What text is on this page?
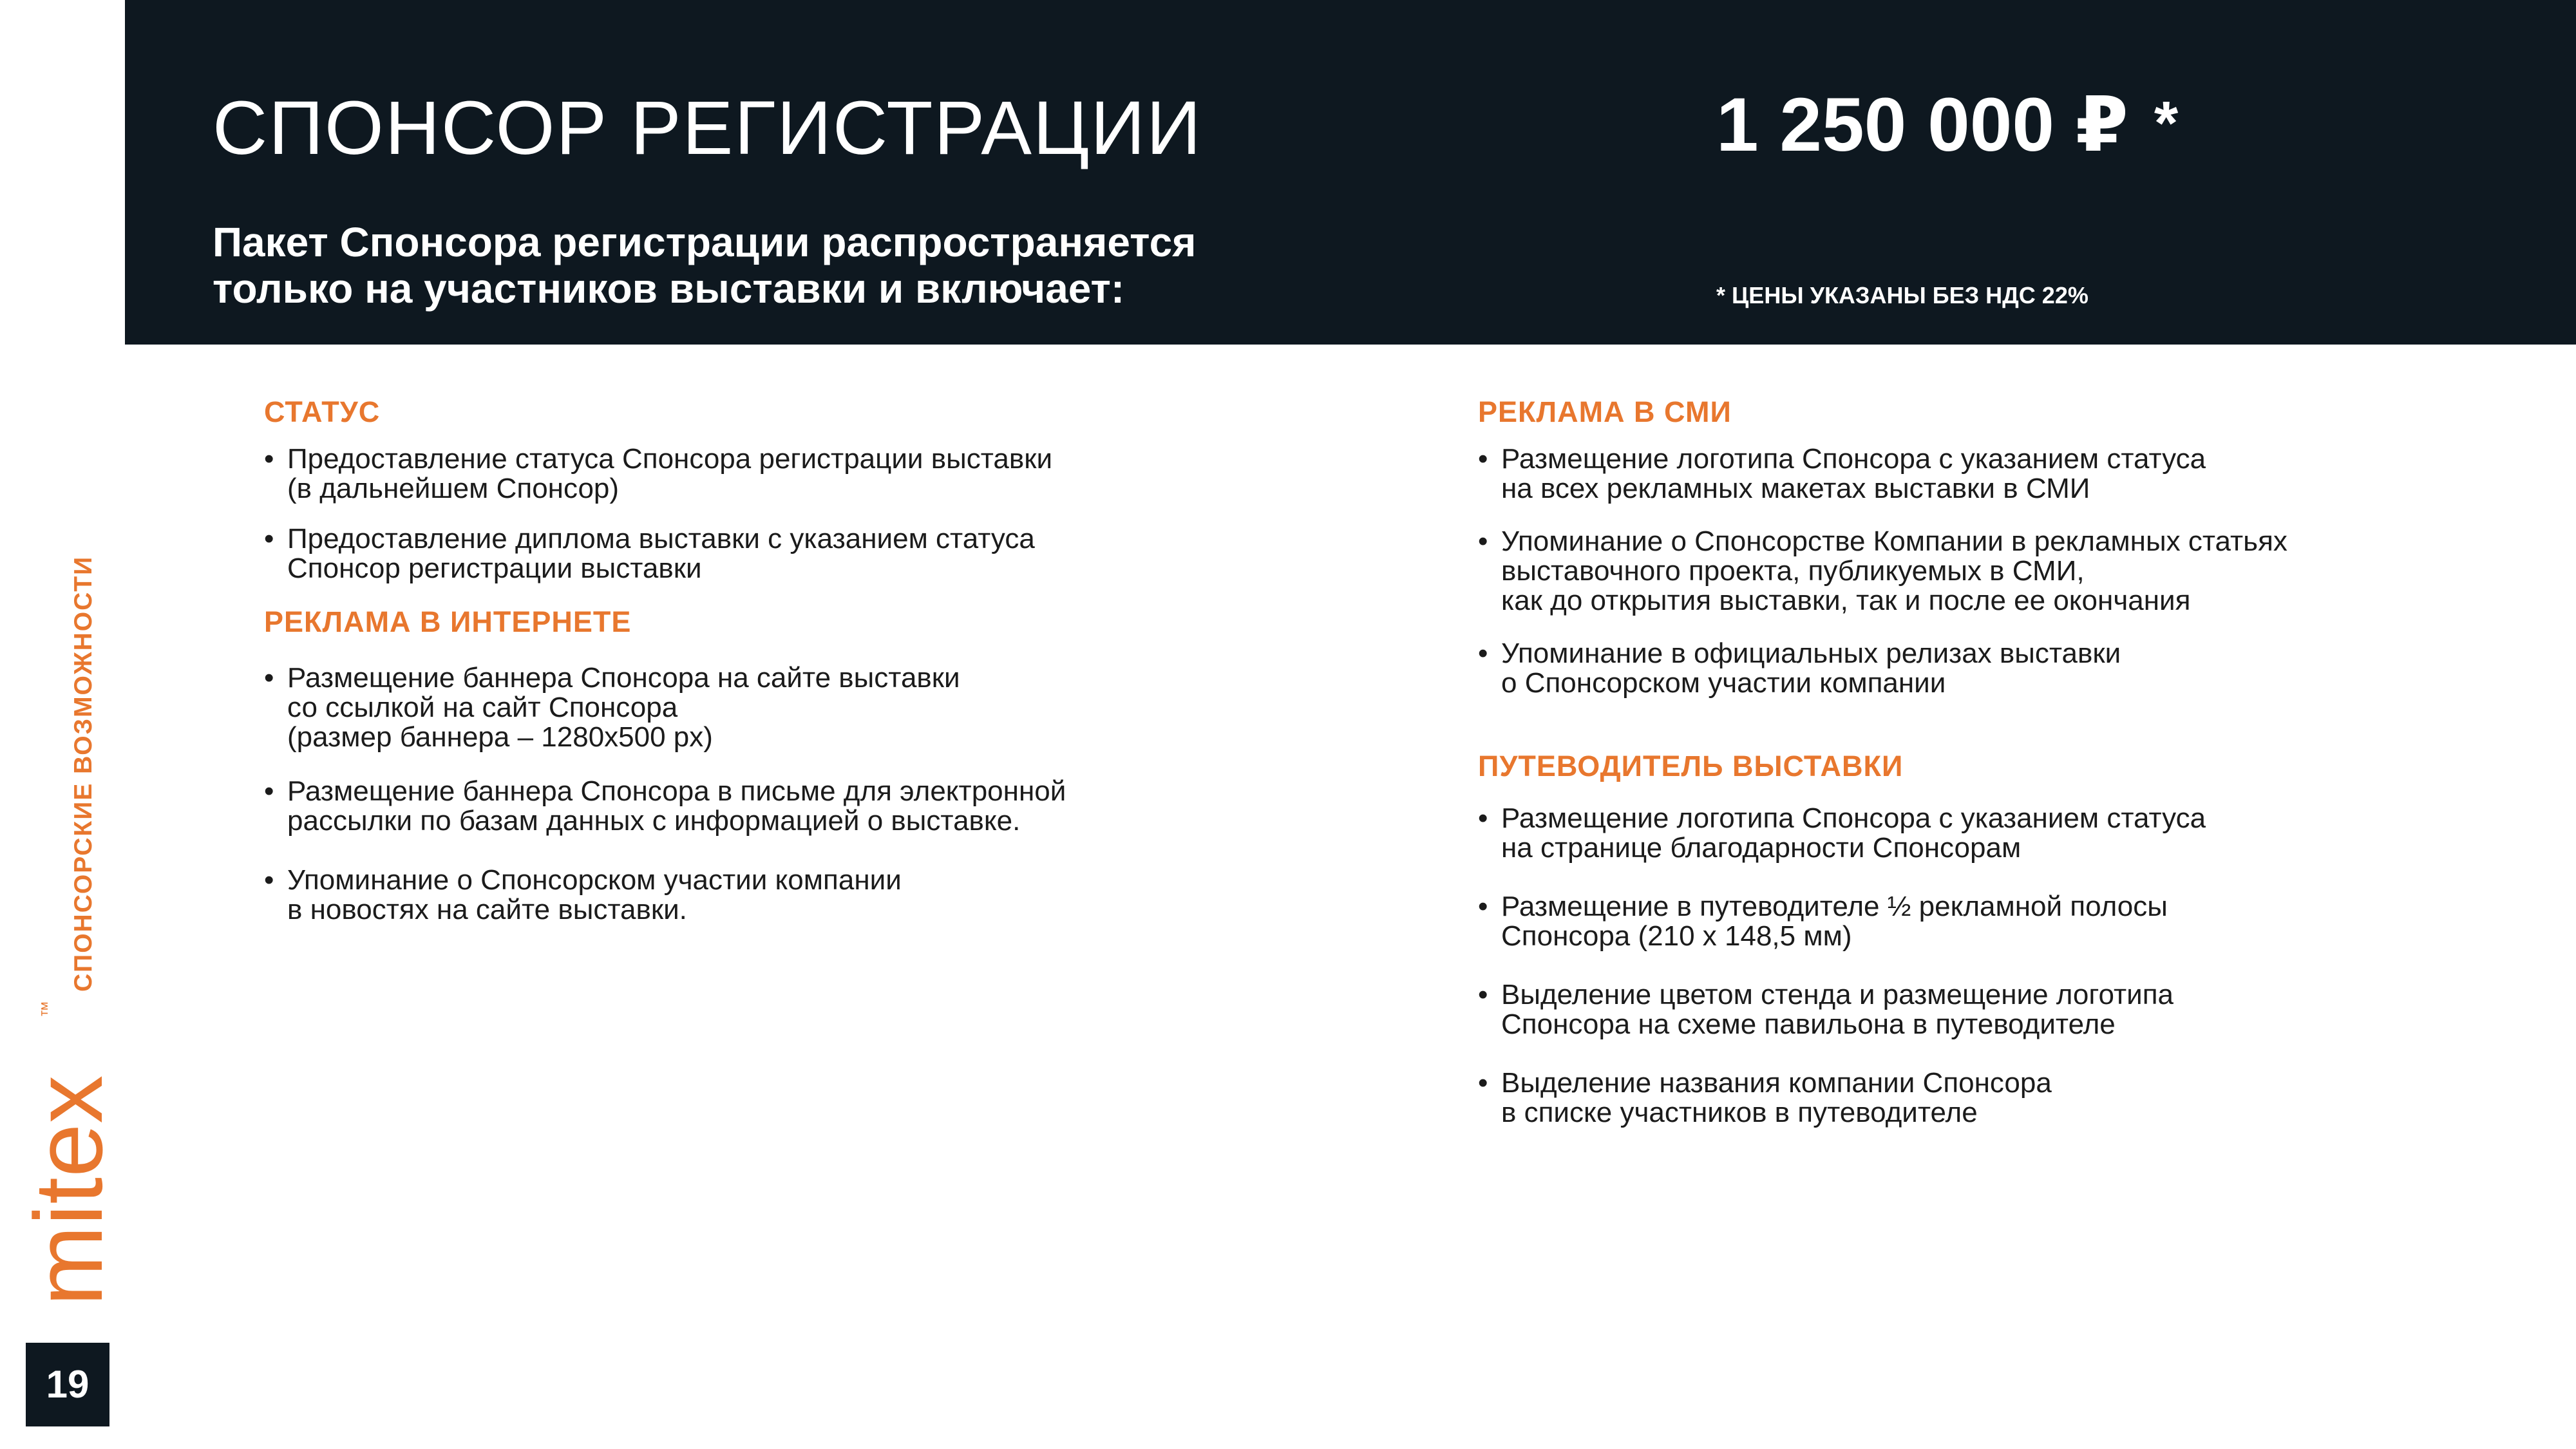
СПОНСОР РЕГИСТРАЦИИ

Пакет Спонсора регистрации распространяется
только на участников выставки и включает:

1 250 000 ₽ *
* ЦЕНЫ УКАЗАНЫ БЕЗ НДС 22%
СТАТУС
• Предоставление статуса Спонсора регистрации выставки
(в дальнейшем Спонсор)
• Предоставление диплома выставки с указанием статуса
Спонсор регистрации выставки
РЕКЛАМА В ИНТЕРНЕТЕ
• Размещение баннера Спонсора на сайте выставки
со ссылкой на сайт Спонсора
(размер баннера – 1280х500 px)
• Размещение баннера Спонсора в письме для электронной
рассылки по базам данных с информацией о выставке.
• Упоминание о Спонсорском участии компании
в новостях на сайте выставки.
РЕКЛАМА В СМИ
• Размещение логотипа Спонсора с указанием статуса
на всех рекламных макетах выставки в СМИ
• Упоминание о Спонсорстве Компании в рекламных статьях
выставочного проекта, публикуемых в СМИ,
как до открытия выставки, так и после ее окончания
• Упоминание в официальных релизах выставки
о Спонсорском участии компании
ПУТЕВОДИТЕЛЬ ВЫСТАВКИ
• Размещение логотипа Спонсора с указанием статуса
на странице благодарности Спонсорам
• Размещение в путеводителе ½ рекламной полосы
Спонсора (210 х 148,5 мм)
• Выделение цветом стенда и размещение логотипа
Спонсора на схеме павильона в путеводителе
• Выделение названия компании Спонсора
в списке участников в путеводителе
mitex
™
СПОНСОРСКИЕ ВОЗМОЖНОСТИ
19
